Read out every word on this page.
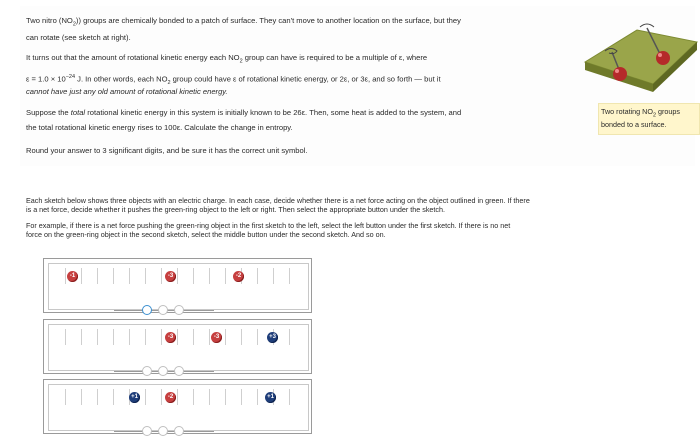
Two nitro $(NO_2)$) groups are chemically bonded to a patch of surface. They can't move to another location on the surface, but they
can rotate (see sketch at right).
It turns out that the amount of rotational kinetic energy each $NO_2$ group can have is required to be a multiple of ε, where
$\varepsilon = 1.0 \times 10^{-24}$ J. In other words, each $NO_2$ group could have ε of rotational kinetic energy, or 2ε, or 3ε, and so forth — but it
cannot have just any old amount of rotational kinetic energy.
Suppose the total rotational kinetic energy in this system is initially known to be 26ε. Then, some heat is added to the system, and
the total rotational kinetic energy rises to 100ε. Calculate the change in entropy.
Round your answer to 3 significant digits, and be sure it has the correct unit symbol.
Two rotating $NO_2$ groups
bonded to a surface.
Each sketch below shows three objects with an electric charge. In each case, decide whether there is a net force acting on the object outlined in green. If there
is a net force, decide whether it pushes the green-ring object to the left or right. Then select the appropriate button under the sketch.
For example, if there is a net force pushing the green-ring object in the first sketch to the left, select the left button under the first sketch. If there is no net
force on the green-ring object in the second sketch, select the middle button under the second sketch. And so on.
-1	-3	-2
-3	-3	+3
+1	-2	+1
